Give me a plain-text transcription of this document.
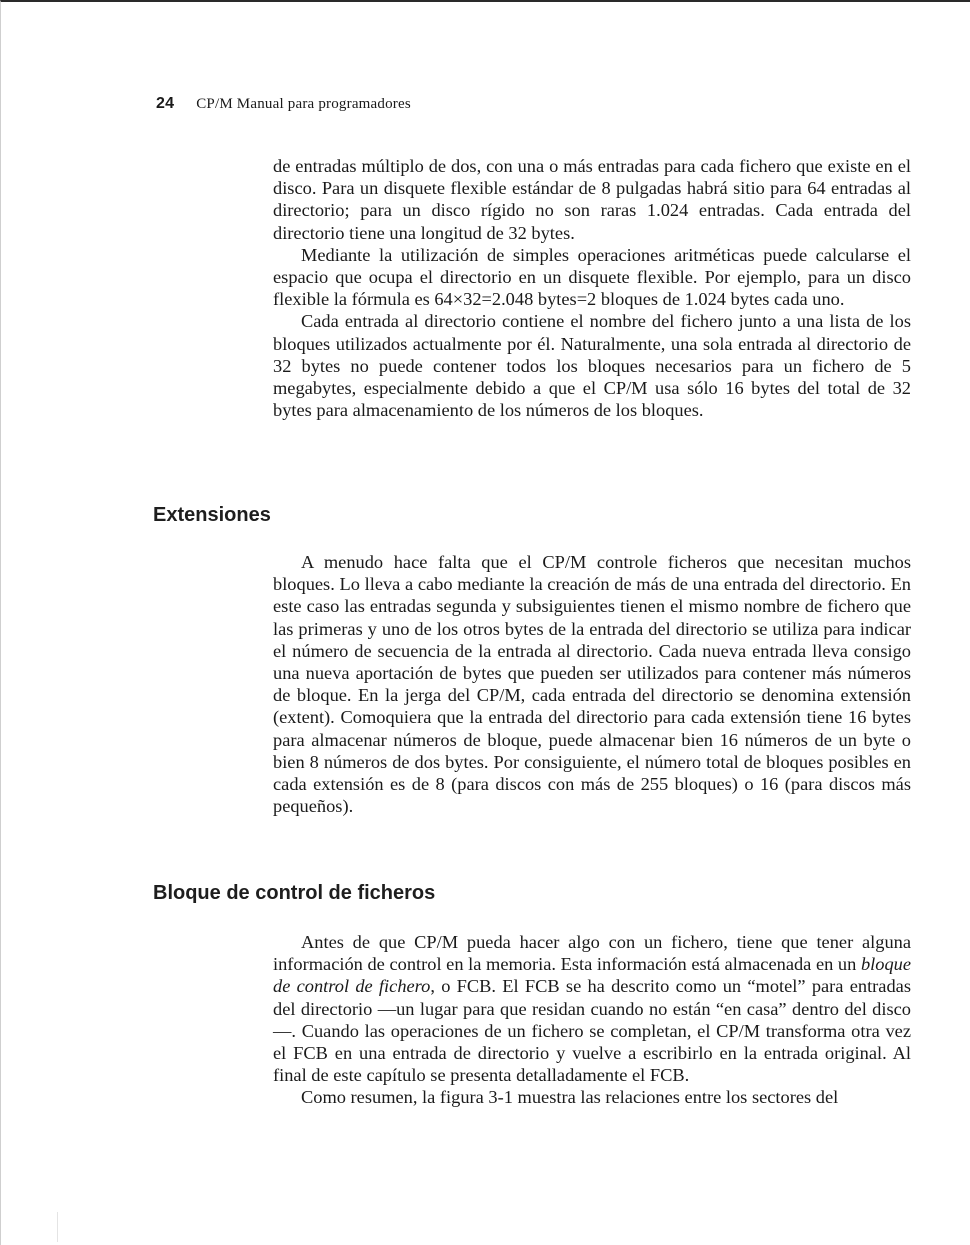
24 CP/M Manual para programadores

de entradas múltiplo de dos, con una o más entradas para cada fichero que existe en el disco. Para un disquete flexible estándar de 8 pulgadas habrá sitio para 64 entradas al directorio; para un disco rígido no son raras 1.024 entradas. Cada entrada del directorio tiene una longitud de 32 bytes.

Mediante la utilización de simples operaciones aritméticas puede calcularse el espacio que ocupa el directorio en un disquete flexible. Por ejemplo, para un disco flexible la fórmula es 64×32=2.048 bytes=2 bloques de 1.024 bytes cada uno.

Cada entrada al directorio contiene el nombre del fichero junto a una lista de los bloques utilizados actualmente por él. Naturalmente, una sola entrada al directorio de 32 bytes no puede contener todos los bloques necesarios para un fichero de 5 megabytes, especialmente debido a que el CP/M usa sólo 16 bytes del total de 32 bytes para almacenamiento de los números de los bloques.

Extensiones

A menudo hace falta que el CP/M controle ficheros que necesitan muchos bloques. Lo lleva a cabo mediante la creación de más de una entrada del directorio. En este caso las entradas segunda y subsiguientes tienen el mismo nombre de fichero que las primeras y uno de los otros bytes de la entrada del directorio se utiliza para indicar el número de secuencia de la entrada al directorio. Cada nueva entrada lleva consigo una nueva aportación de bytes que pueden ser utilizados para contener más números de bloque. En la jerga del CP/M, cada entrada del directorio se denomina extensión (extent). Comoquiera que la entrada del directorio para cada extensión tiene 16 bytes para almacenar números de bloque, puede almacenar bien 16 números de un byte o bien 8 números de dos bytes. Por consiguiente, el número total de bloques posibles en cada extensión es de 8 (para discos con más de 255 bloques) o 16 (para discos más pequeños).

Bloque de control de ficheros

Antes de que CP/M pueda hacer algo con un fichero, tiene que tener alguna información de control en la memoria. Esta información está almacenada en un bloque de control de fichero, o FCB. El FCB se ha descrito como un “motel” para entradas del directorio —un lugar para que residan cuando no están “en casa” dentro del disco—. Cuando las operaciones de un fichero se completan, el CP/M transforma otra vez el FCB en una entrada de directorio y vuelve a escribirlo en la entrada original. Al final de este capítulo se presenta detalladamente el FCB.

Como resumen, la figura 3-1 muestra las relaciones entre los sectores del
